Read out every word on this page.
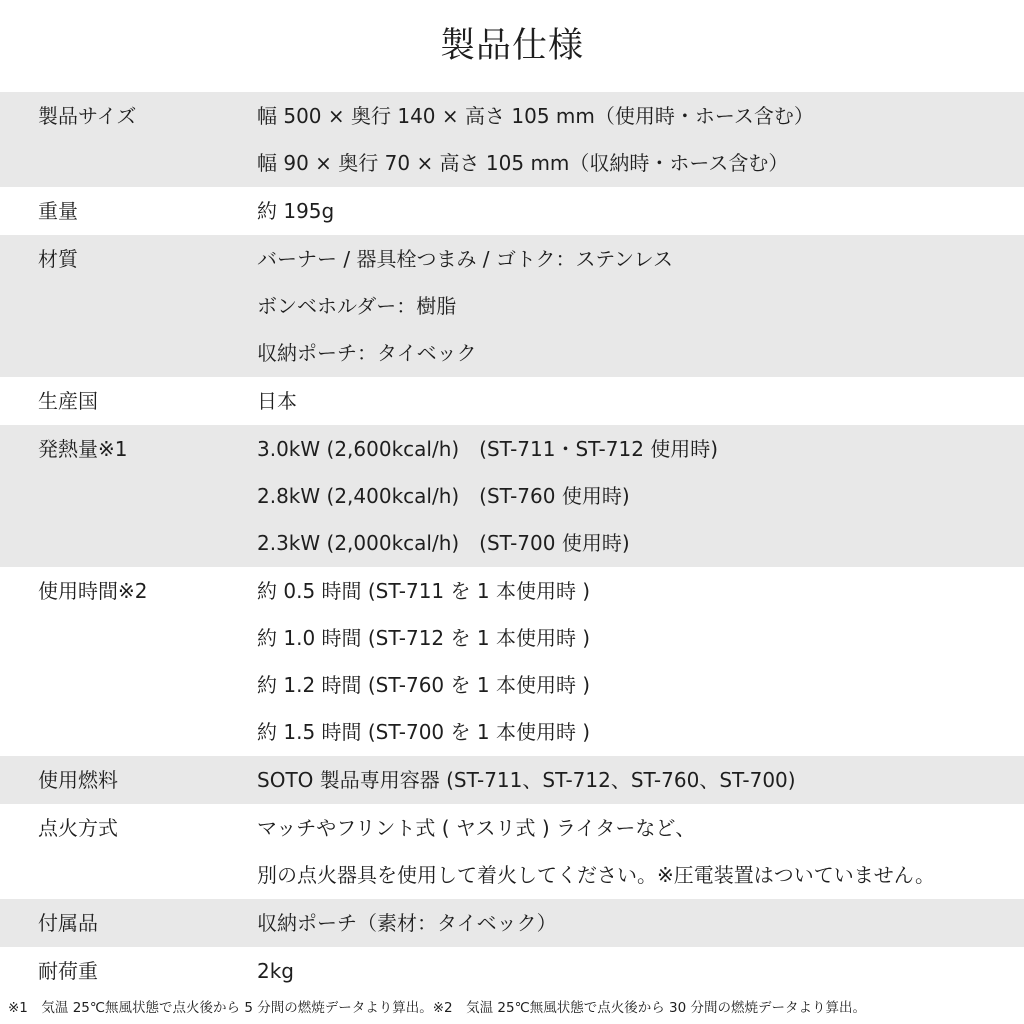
製品仕様
製品サイズ	幅 500 × 奥行 140 × 高さ 105 mm（使用時・ホース含む）
幅 90 × 奥行 70 × 高さ 105 mm（収納時・ホース含む）
重量	約 195g
材質	バーナー / 器具栓つまみ / ゴトク：ステンレス
ボンベホルダー：樹脂
収納ポーチ：タイベック
生産国	日本
発熱量※1	3.0kW (2,600kcal/h)　(ST-711・ST-712 使用時)
2.8kW (2,400kcal/h)　(ST-760 使用時)
2.3kW (2,000kcal/h)　(ST-700 使用時)
使用時間※2	約 0.5 時間 (ST-711 を 1 本使用時 )
約 1.0 時間 (ST-712 を 1 本使用時 )
約 1.2 時間 (ST-760 を 1 本使用時 )
約 1.5 時間 (ST-700 を 1 本使用時 )
使用燃料	SOTO 製品専用容器 (ST-711、ST-712、ST-760、ST-700)
点火方式	マッチやフリント式 ( ヤスリ式 ) ライターなど、
別の点火器具を使用して着火してください。※圧電装置はついていません。
付属品	収納ポーチ（素材：タイベック）
耐荷重	2kg
※1　気温 25℃無風状態で点火後から 5 分間の燃焼データより算出。※2　気温 25℃無風状態で点火後から 30 分間の燃焼データより算出。
